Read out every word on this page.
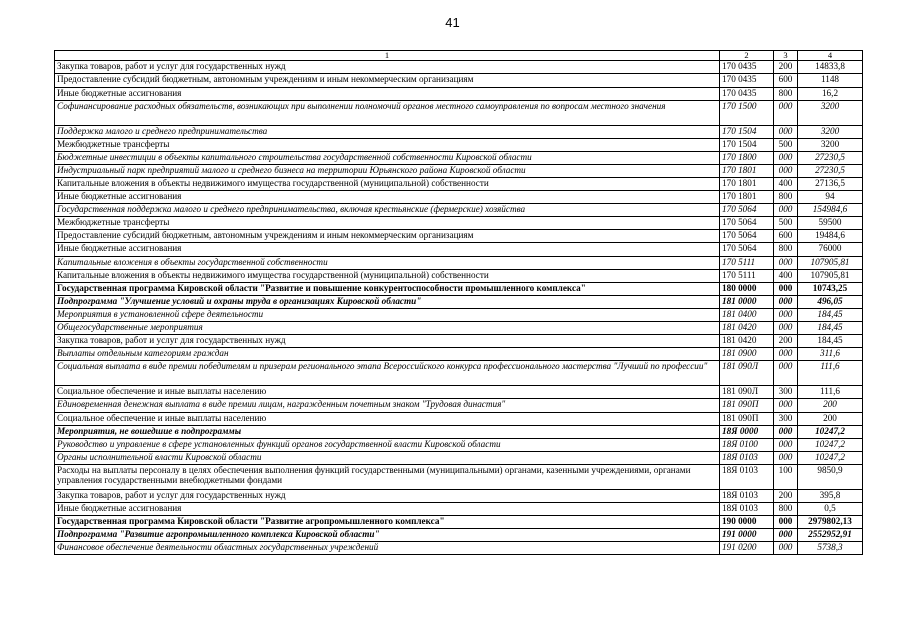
41
1	2	3	4
Закупка товаров, работ и услуг для государственных нужд	170 0435	200	14833,8
Предоставление субсидий бюджетным, автономным учреждениям и иным некоммерческим организациям	170 0435	600	1148
Иные бюджетные ассигнования	170 0435	800	16,2
Софинансирование расходных обязательств, возникающих при выполнении полномочий органов местного самоуправления по вопросам местного значения	170 1500	000	3200
Поддержка малого и среднего предпринимательства	170 1504	000	3200
Межбюджетные трансферты	170 1504	500	3200
Бюджетные инвестиции в объекты капитального строительства государственной собственности Кировской области	170 1800	000	27230,5
Индустриальный парк предприятий малого и среднего бизнеса на территории Юрьянского района Кировской области	170 1801	000	27230,5
Капитальные вложения в объекты недвижимого имущества государственной (муниципальной) собственности	170 1801	400	27136,5
Иные бюджетные ассигнования	170 1801	800	94
Государственная поддержка малого и среднего предпринимательства, включая крестьянские (фермерские) хозяйства	170 5064	000	154984,6
Межбюджетные трансферты	170 5064	500	59500
Предоставление субсидий бюджетным, автономным учреждениям и иным некоммерческим организациям	170 5064	600	19484,6
Иные бюджетные ассигнования	170 5064	800	76000
Капитальные вложения в объекты государственной собственности	170 5111	000	107905,81
Капитальные вложения в объекты недвижимого имущества государственной (муниципальной) собственности	170 5111	400	107905,81
Государственная программа Кировской области "Развитие и повышение конкурентоспособности промышленного комплекса"	180 0000	000	10743,25
Подпрограмма "Улучшение условий и охраны труда в организациях Кировской области"	181 0000	000	496,05
Мероприятия в установленной сфере деятельности	181 0400	000	184,45
Общегосударственные мероприятия	181 0420	000	184,45
Закупка товаров, работ и услуг для государственных нужд	181 0420	200	184,45
Выплаты отдельным категориям граждан	181 0900	000	311,6
Социальная выплата в виде премии победителям и призерам регионального этапа Всероссийского конкурса профессионального мастерства "Лучший по профессии"	181 090Л	000	111,6
Социальное обеспечение и иные выплаты населению	181 090Л	300	111,6
Единовременная денежная выплата в виде премии лицам, награжденным почетным знаком "Трудовая династия"	181 090П	000	200
Социальное обеспечение и иные выплаты населению	181 090П	300	200
Мероприятия, не вошедшие в подпрограммы	18Я 0000	000	10247,2
Руководство и управление в сфере установленных функций органов государственной власти Кировской области	18Я 0100	000	10247,2
Органы исполнительной власти Кировской области	18Я 0103	000	10247,2
Расходы на выплаты персоналу в целях обеспечения выполнения функций государственными (муниципальными) органами, казенными учреждениями, органами управления государственными внебюджетными фондами	18Я 0103	100	9850,9
Закупка товаров, работ и услуг для государственных нужд	18Я 0103	200	395,8
Иные бюджетные ассигнования	18Я 0103	800	0,5
Государственная программа Кировской области "Развитие агропромышленного комплекса"	190 0000	000	2979802,13
Подпрограмма "Развитие агропромышленного комплекса Кировской области"	191 0000	000	2552952,91
Финансовое обеспечение деятельности областных государственных учреждений	191 0200	000	5738,3
